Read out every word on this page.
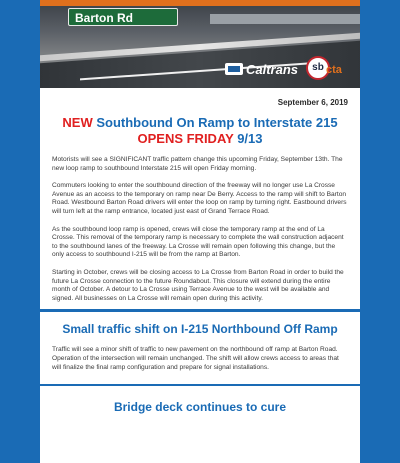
Barton Rd
Caltrans	sb cta
September 6, 2019
NEW Southbound On Ramp to Interstate 215
OPENS FRIDAY 9/13

Motorists will see a SIGNIFICANT traffic pattern change this upcoming Friday, September 13th. The new loop ramp to southbound Interstate 215 will open Friday morning.

Commuters looking to enter the southbound direction of the freeway will no longer use La Crosse Avenue as an access to the temporary on ramp near De Berry. Access to the ramp will shift to Barton Road. Westbound Barton Road drivers will enter the loop on ramp by turning right. Eastbound drivers will turn left at the ramp entrance, located just east of Grand Terrace Road.

As the southbound loop ramp is opened, crews will close the temporary ramp at the end of La Crosse. This removal of the temporary ramp is necessary to complete the wall construction adjacent to the southbound lanes of the freeway. La Crosse will remain open following this change, but the only access to southbound I-215 will be from the ramp at Barton.

Starting in October, crews will be closing access to La Crosse from Barton Road in order to build the future La Crosse connection to the future Roundabout. This closure will extend during the entire month of October. A detour to La Crosse using Terrace Avenue to the west will be available and signed. All businesses on La Crosse will remain open during this activity.

Small traffic shift on I-215 Northbound Off Ramp
Traffic will see a minor shift of traffic to new pavement on the northbound off ramp at Barton Road. Operation of the intersection will remain unchanged. The shift will allow crews access to areas that will finalize the final ramp configuration and prepare for signal installations.
Bridge deck continues to cure
